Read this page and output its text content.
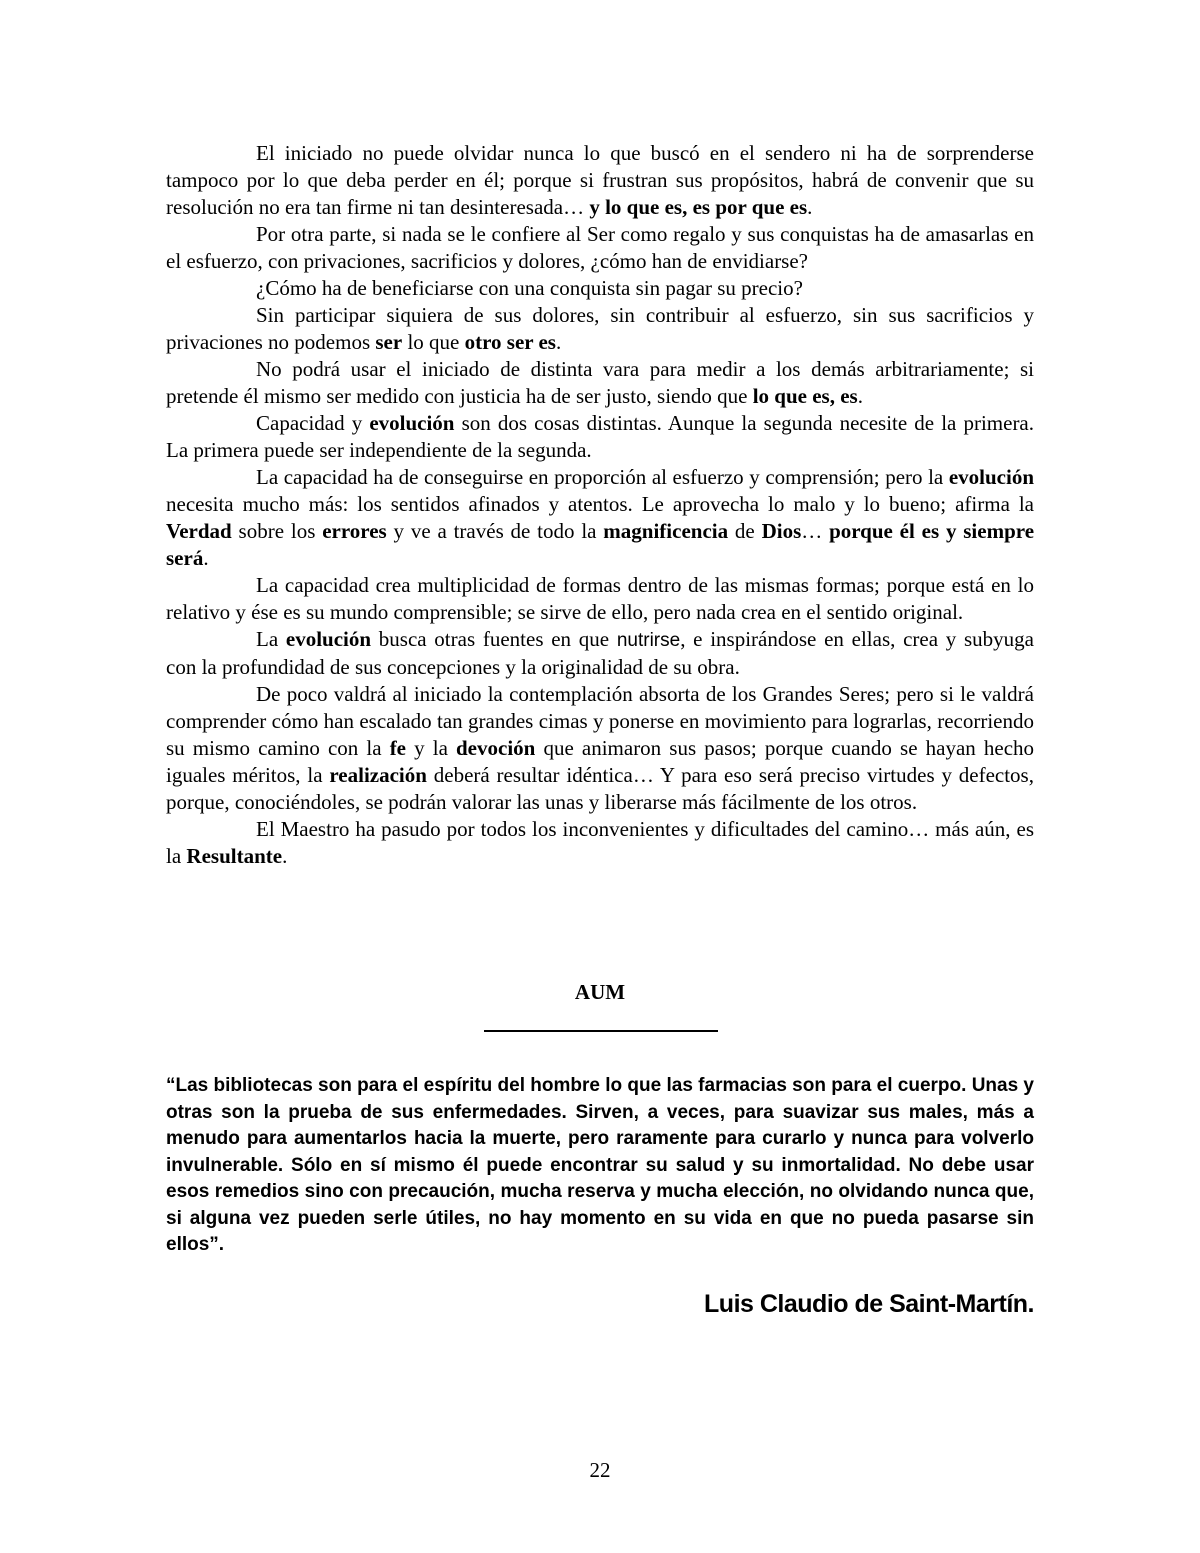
El iniciado no puede olvidar nunca lo que buscó en el sendero ni ha de sorprenderse tampoco por lo que deba perder en él; porque si frustran sus propósitos, habrá de convenir que su resolución no era tan firme ni tan desinteresada… y lo que es, es por que es.

Por otra parte, si nada se le confiere al Ser como regalo y sus conquistas ha de amasarlas en el esfuerzo, con privaciones, sacrificios y dolores, ¿cómo han de envidiarse?

¿Cómo ha de beneficiarse con una conquista sin pagar su precio?

Sin participar siquiera de sus dolores, sin contribuir al esfuerzo, sin sus sacrificios y privaciones no podemos ser lo que otro ser es.

No podrá usar el iniciado de distinta vara para medir a los demás arbitrariamente; si pretende él mismo ser medido con justicia ha de ser justo, siendo que lo que es, es.

Capacidad y evolución son dos cosas distintas. Aunque la segunda necesite de la primera. La primera puede ser independiente de la segunda.

La capacidad ha de conseguirse en proporción al esfuerzo y comprensión; pero la evolución necesita mucho más: los sentidos afinados y atentos. Le aprovecha lo malo y lo bueno; afirma la Verdad sobre los errores y ve a través de todo la magnificencia de Dios… porque él es y siempre será.

La capacidad crea multiplicidad de formas dentro de las mismas formas; porque está en lo relativo y ése es su mundo comprensible; se sirve de ello, pero nada crea en el sentido original.

La evolución busca otras fuentes en que nutrirse, e inspirándose en ellas, crea y subyuga con la profundidad de sus concepciones y la originalidad de su obra.

De poco valdrá al iniciado la contemplación absorta de los Grandes Seres; pero si le valdrá comprender cómo han escalado tan grandes cimas y ponerse en movimiento para lograrlas, recorriendo su mismo camino con la fe y la devoción que animaron sus pasos; porque cuando se hayan hecho iguales méritos, la realización deberá resultar idéntica… Y para eso será preciso virtudes y defectos, porque, conociéndoles, se podrán valorar las unas y liberarse más fácilmente de los otros.

El Maestro ha pasudo por todos los inconvenientes y dificultades del camino… más aún, es la Resultante.

AUM

“Las bibliotecas son para el espíritu del hombre lo que las farmacias son para el cuerpo. Unas y otras son la prueba de sus enfermedades. Sirven, a veces, para suavizar sus males, más a menudo para aumentarlos hacia la muerte, pero raramente para curarlo y nunca para volverlo invulnerable. Sólo en sí mismo él puede encontrar su salud y su inmortalidad. No debe usar esos remedios sino con precaución, mucha reserva y mucha elección, no olvidando nunca que, si alguna vez pueden serle útiles, no hay momento en su vida en que no pueda pasarse sin ellos”.

Luis Claudio de Saint-Martín.
22
